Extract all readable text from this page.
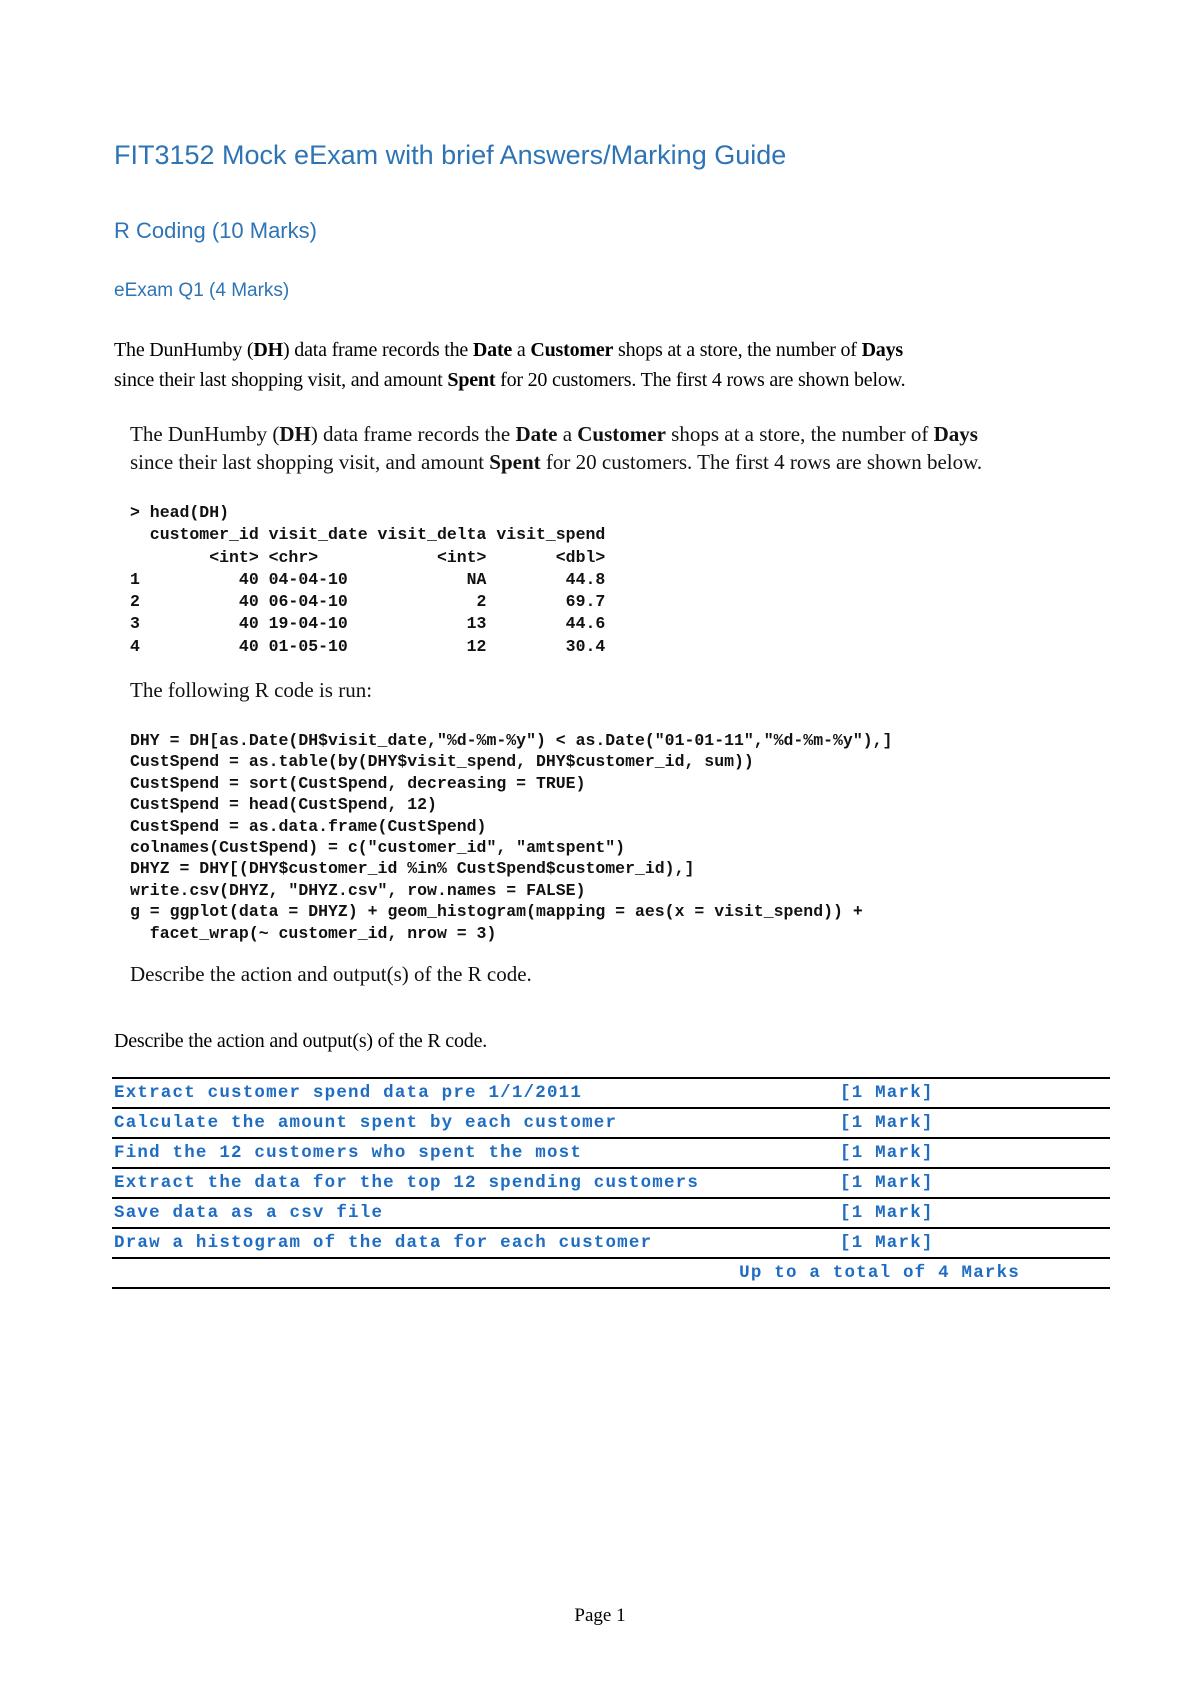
FIT3152 Mock eExam with brief Answers/Marking Guide
R Coding (10 Marks)
eExam Q1 (4 Marks)
The DunHumby (DH) data frame records the Date a Customer shops at a store, the number of Days
since their last shopping visit, and amount Spent for 20 customers. The first 4 rows are shown below.
The DunHumby (DH) data frame records the Date a Customer shops at a store, the number of Days
since their last shopping visit, and amount Spent for 20 customers. The first 4 rows are shown below.
> head(DH)
customer_id visit_date visit_delta visit_spend
<int> <chr>            <int>       <dbl>
1          40 04-04-10            NA        44.8
2          40 06-04-10             2        69.7
3          40 19-04-10            13        44.6
4          40 01-05-10            12        30.4
The following R code is run:
DHY = DH[as.Date(DH$visit_date,"%d-%m-%y") < as.Date("01-01-11","%d-%m-%y"),]
CustSpend = as.table(by(DHY$visit_spend, DHY$customer_id, sum))
CustSpend = sort(CustSpend, decreasing = TRUE)
CustSpend = head(CustSpend, 12)
CustSpend = as.data.frame(CustSpend)
colnames(CustSpend) = c("customer_id", "amtspent")
DHYZ = DHY[(DHY$customer_id %in% CustSpend$customer_id),]
write.csv(DHYZ, "DHYZ.csv", row.names = FALSE)
g = ggplot(data = DHYZ) + geom_histogram(mapping = aes(x = visit_spend)) +
facet_wrap(~ customer_id, nrow = 3)
Describe the action and output(s) of the R code.
Describe the action and output(s) of the R code.
Extract customer spend data pre 1/1/2011	[1 Mark]
Calculate the amount spent by each customer	[1 Mark]
Find the 12 customers who spent the most	[1 Mark]
Extract the data for the top 12 spending customers	[1 Mark]
Save data as a csv file	[1 Mark]
Draw a histogram of the data for each customer	[1 Mark]
Up to a total of 4 Marks	
Page 1
